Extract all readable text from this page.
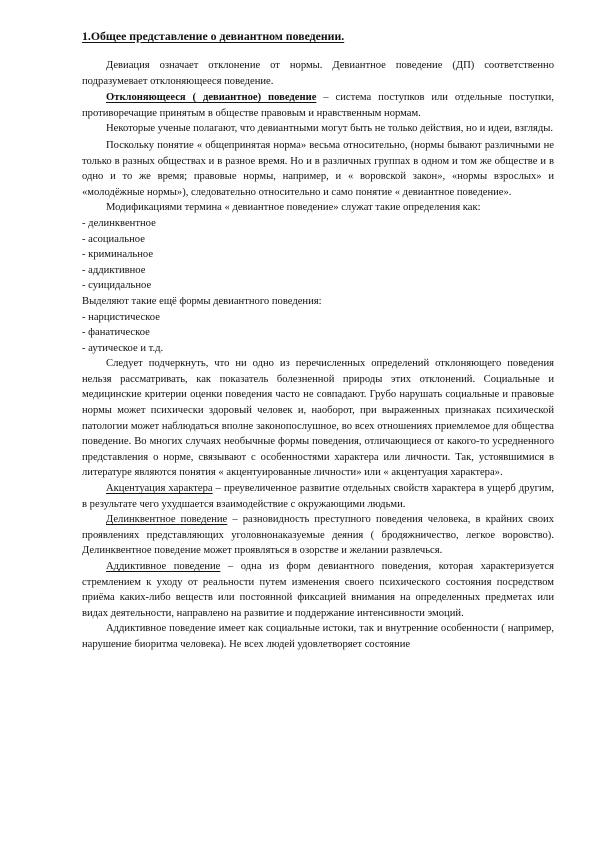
1.Общее представление о девиантном поведении.

Девиация означает отклонение от нормы. Девиантное поведение (ДП) соответственно подразумевает отклоняющееся поведение.

Отклоняющееся ( девиантное) поведение – система поступков или отдельные поступки, противоречащие принятым в обществе правовым и нравственным нормам.

Некоторые ученые полагают, что девиантными могут быть не только действия, но и идеи, взгляды.

Поскольку понятие « общепринятая норма» весьма относительно, (нормы бывают различными не только в разных обществах и в разное время. Но и в различных группах в одном и том же обществе и в одно и то же время; правовые нормы, например, и « воровской закон», «нормы взрослых» и «молодёжные нормы»), следовательно относительно и само понятие « девиантное поведение».

Модификациями термина « девиантное поведение» служат такие определения как:

- делинквентное

- асоциальное

- криминальное

- аддиктивное

- суицидальное

Выделяют такие ещё формы девиантного поведения:

- нарцистическое

- фанатическое

- аутическое и т.д.

Следует подчеркнуть, что ни одно из перечисленных определений отклоняющего поведения нельзя рассматривать, как показатель болезненной природы этих отклонений. Социальные и медицинские критерии оценки поведения часто не совпадают. Грубо нарушать социальные и правовые нормы может психически здоровый человек и, наоборот, при выраженных признаках психической патологии может наблюдаться вполне законопослушное, во всех отношениях приемлемое для общества поведение. Во многих случаях необычные формы поведения, отличающиеся от какого-то усредненного представления о норме, связывают с особенностями характера или личности. Так, устоявшимися в литературе являются понятия « акцентуированные личности» или « акцентуация характера».

Акцентуация характера – преувеличенное развитие отдельных свойств характера в ущерб другим, в результате чего ухудшается взаимодействие с окружающими людьми.

Делинквентное поведение – разновидность преступного поведения человека, в крайних своих проявлениях представляющих уголовнонаказуемые деяния ( бродяжничество, легкое воровство). Делинквентное поведение может проявляться в озорстве и желании развлечься.

Аддиктивное поведение – одна из форм девиантного поведения, которая характеризуется стремлением к уходу от реальности путем изменения своего психического состояния посредством приёма каких-либо веществ или постоянной фиксацией внимания на определенных предметах или видах деятельности, направлено на развитие и поддержание интенсивности эмоций.

Аддиктивное поведение имеет как социальные истоки, так и внутренние особенности ( например, нарушение биоритма человека). Не всех людей удовлетворяет состояние
